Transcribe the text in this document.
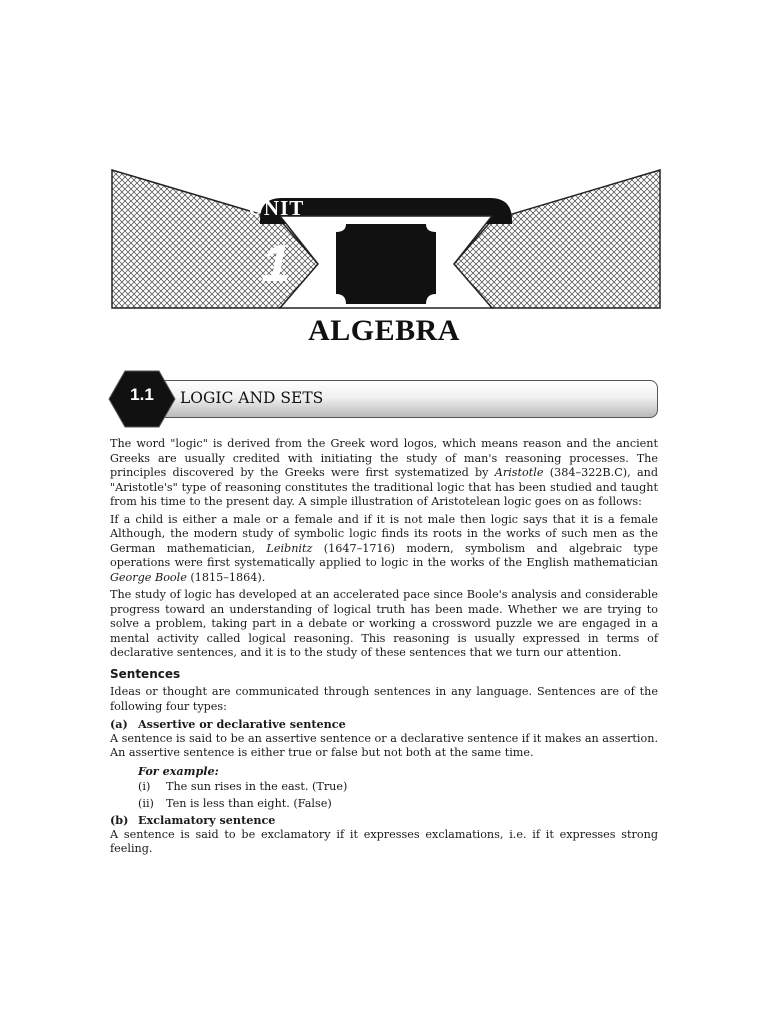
UNIT
1
ALGEBRA
1.1	LOGIC AND SETS

The word "logic" is derived from the Greek word logos, which means reason and the ancient Greeks are usually credited with initiating the study of man's reasoning processes. The principles discovered by the Greeks were first systematized by Aristotle (384–322B.C), and "Aristotle's" type of reasoning constitutes the traditional logic that has been studied and taught from his time to the present day. A simple illustration of Aristotelean logic goes on as follows:

If a child is either a male or a female and if it is not male then logic says that it is a female Although, the modern study of symbolic logic finds its roots in the works of such men as the German mathematician, Leibnitz (1647–1716) modern, symbolism and algebraic type operations were first systematically applied to logic in the works of the English mathematician George Boole (1815–1864).

The study of logic has developed at an accelerated pace since Boole's analysis and considerable progress toward an understanding of logical truth has been made. Whether we are trying to solve a problem, taking part in a debate or working a crossword puzzle we are engaged in a mental activity called logical reasoning. This reasoning is usually expressed in terms of declarative sentences, and it is to the study of these sentences that we turn our attention.

Sentences

Ideas or thought are communicated through sentences in any language. Sentences are of the following four types:

(a) Assertive or declarative sentence

A sentence is said to be an assertive sentence or a declarative sentence if it makes an assertion. An assertive sentence is either true or false but not both at the same time.

For example:
(i)	The sun rises in the east. (True)
(ii)	Ten is less than eight. (False)
(b) Exclamatory sentence

A sentence is said to be exclamatory if it expresses exclamations, i.e. if it expresses strong feeling.
